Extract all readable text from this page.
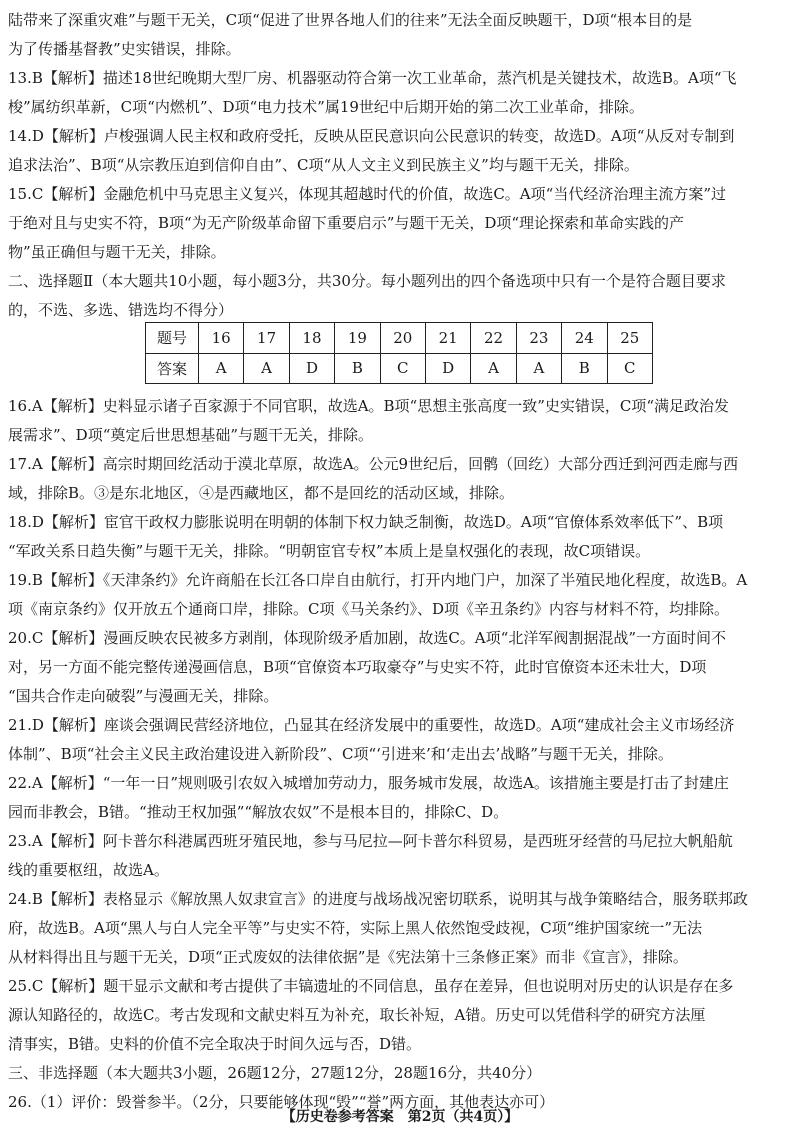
陆带来了深重灾难”与题干无关，C项“促进了世界各地人们的往来”无法全面反映题干，D项“根本目的是

为了传播基督教”史实错误，排除。

13.B【解析】描述18世纪晚期大型厂房、机器驱动符合第一次工业革命，蒸汽机是关键技术，故选B。A项“飞

梭”属纺织革新，C项“内燃机”、D项“电力技术”属19世纪中后期开始的第二次工业革命，排除。

14.D【解析】卢梭强调人民主权和政府受托，反映从臣民意识向公民意识的转变，故选D。A项“从反对专制到

追求法治”、B项“从宗教压迫到信仰自由”、C项“从人文主义到民族主义”均与题干无关，排除。

15.C【解析】金融危机中马克思主义复兴，体现其超越时代的价值，故选C。A项“当代经济治理主流方案”过

于绝对且与史实不符，B项“为无产阶级革命留下重要启示”与题干无关，D项“理论探索和革命实践的产

物”虽正确但与题干无关，排除。

二、选择题Ⅱ（本大题共10小题，每小题3分，共30分。每小题列出的四个备选项中只有一个是符合题目要求

的，不选、多选、错选均不得分）

题号	16	17	18	19	20	21	22	23	24	25
答案	A	A	D	B	C	D	A	A	B	C

16.A【解析】史料显示诸子百家源于不同官职，故选A。B项“思想主张高度一致”史实错误，C项“满足政治发

展需求”、D项“奠定后世思想基础”与题干无关，排除。

17.A【解析】高宗时期回纥活动于漠北草原，故选A。公元9世纪后，回鹘（回纥）大部分西迁到河西走廊与西

域，排除B。③是东北地区，④是西藏地区，都不是回纥的活动区域，排除。

18.D【解析】宦官干政权力膨胀说明在明朝的体制下权力缺乏制衡，故选D。A项“官僚体系效率低下”、B项

“军政关系日趋失衡”与题干无关，排除。“明朝宦官专权”本质上是皇权强化的表现，故C项错误。

19.B【解析】《天津条约》允许商船在长江各口岸自由航行，打开内地门户，加深了半殖民地化程度，故选B。A

项《南京条约》仅开放五个通商口岸，排除。C项《马关条约》、D项《辛丑条约》内容与材料不符，均排除。

20.C【解析】漫画反映农民被多方剥削，体现阶级矛盾加剧，故选C。A项“北洋军阀割据混战”一方面时间不

对，另一方面不能完整传递漫画信息，B项“官僚资本巧取豪夺”与史实不符，此时官僚资本还未壮大，D项

“国共合作走向破裂”与漫画无关，排除。

21.D【解析】座谈会强调民营经济地位，凸显其在经济发展中的重要性，故选D。A项“建成社会主义市场经济

体制”、B项“社会主义民主政治建设进入新阶段”、C项“‘引进来’和‘走出去’战略”与题干无关，排除。

22.A【解析】“一年一日”规则吸引农奴入城增加劳动力，服务城市发展，故选A。该措施主要是打击了封建庄

园而非教会，B错。“推动王权加强”“解放农奴”不是根本目的，排除C、D。

23.A【解析】阿卡普尔科港属西班牙殖民地，参与马尼拉—阿卡普尔科贸易，是西班牙经营的马尼拉大帆船航

线的重要枢纽，故选A。

24.B【解析】表格显示《解放黑人奴隶宣言》的进度与战场战况密切联系，说明其与战争策略结合，服务联邦政

府，故选B。A项“黑人与白人完全平等”与史实不符，实际上黑人依然饱受歧视，C项“维护国家统一”无法

从材料得出且与题干无关，D项“正式废奴的法律依据”是《宪法第十三条修正案》而非《宣言》，排除。

25.C【解析】题干显示文献和考古提供了丰镐遗址的不同信息，虽存在差异，但也说明对历史的认识是存在多

源认知路径的，故选C。考古发现和文献史料互为补充，取长补短，A错。历史可以凭借科学的研究方法厘

清事实，B错。史料的价值不完全取决于时间久远与否，D错。

三、非选择题（本大题共3小题，26题12分，27题12分，28题16分，共40分）

26.（1）评价：毁誉参半。（2分，只要能够体现“毁”“誉”两方面，其他表达亦可）

【历史卷参考答案　第2页（共4页）】
